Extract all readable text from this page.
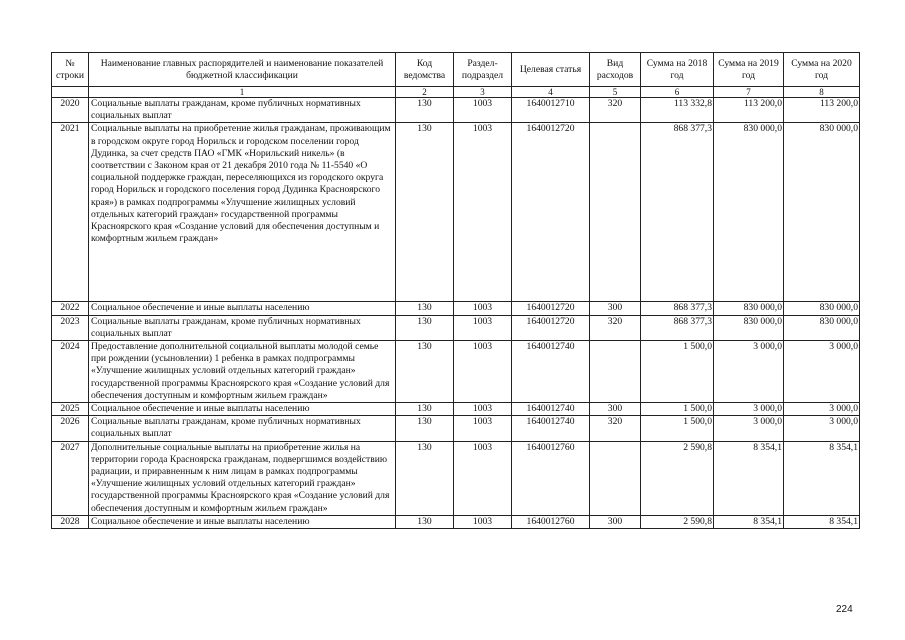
№ строки	Наименование главных распорядителей и наименование показателей бюджетной классификации	Код ведомства	Раздел-подраздел	Целевая статья	Вид расходов	Сумма на 2018 год	Сумма на 2019 год	Сумма на 2020 год
	1	2	3	4	5	6	7	8
2020	Социальные выплаты гражданам, кроме публичных нормативных социальных выплат	130	1003	1640012710	320	113 332,8	113 200,0	113 200,0
2021	Социальные выплаты на приобретение жилья гражданам, проживающим в городском округе город Норильск и городском поселении город Дудинка, за счет средств ПАО «ГМК «Норильский никель» (в соответствии с Законом края от 21 декабря 2010 года № 11-5540 «О социальной поддержке граждан, переселяющихся из городского округа город Норильск и городского поселения город Дудинка Красноярского края») в рамках подпрограммы «Улучшение жилищных условий отдельных категорий граждан» государственной программы Красноярского края «Создание условий для обеспечения доступным и комфортным жильем граждан»	130	1003	1640012720		868 377,3	830 000,0	830 000,0
2022	Социальное обеспечение и иные выплаты населению	130	1003	1640012720	300	868 377,3	830 000,0	830 000,0
2023	Социальные выплаты гражданам, кроме публичных нормативных социальных выплат	130	1003	1640012720	320	868 377,3	830 000,0	830 000,0
2024	Предоставление дополнительной социальной выплаты молодой семье при рождении (усыновлении) 1 ребенка в рамках подпрограммы «Улучшение жилищных условий отдельных категорий граждан» государственной программы Красноярского края «Создание условий для обеспечения доступным и комфортным жильем граждан»	130	1003	1640012740		1 500,0	3 000,0	3 000,0
2025	Социальное обеспечение и иные выплаты населению	130	1003	1640012740	300	1 500,0	3 000,0	3 000,0
2026	Социальные выплаты гражданам, кроме публичных нормативных социальных выплат	130	1003	1640012740	320	1 500,0	3 000,0	3 000,0
2027	Дополнительные социальные выплаты на приобретение жилья на территории города Красноярска гражданам, подвергшимся воздействию радиации, и приравненным к ним лицам в рамках подпрограммы «Улучшение жилищных условий отдельных категорий граждан» государственной программы Красноярского края «Создание условий для обеспечения доступным и комфортным жильем граждан»	130	1003	1640012760		2 590,8	8 354,1	8 354,1
2028	Социальное обеспечение и иные выплаты населению	130	1003	1640012760	300	2 590,8	8 354,1	8 354,1
224
